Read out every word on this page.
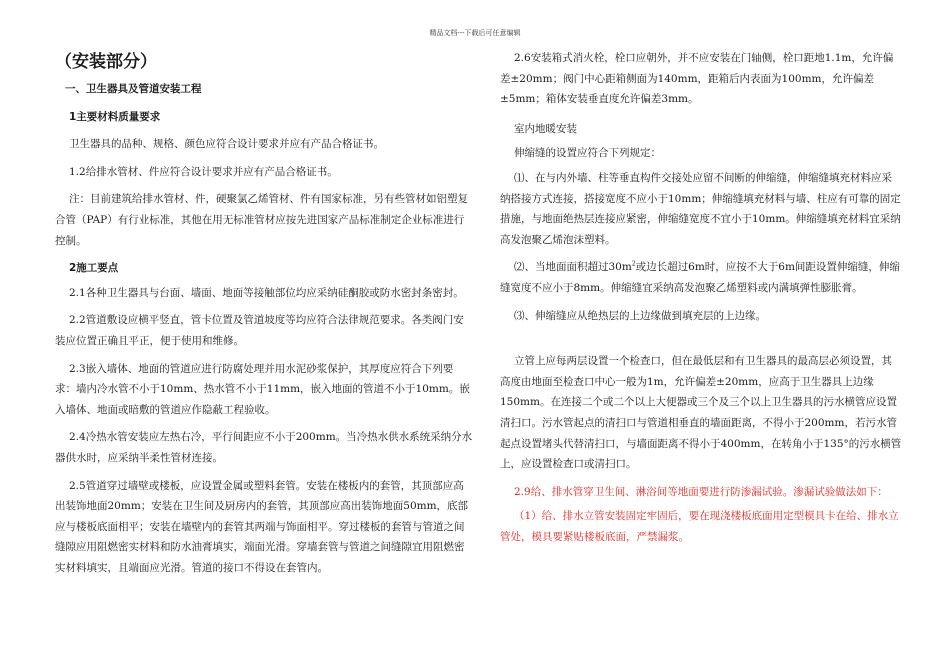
精品文档---下载后可任意编辑

（安装部分）

一、卫生器具及管道安装工程

1主要材料质量要求

卫生器具的品种、规格、颜色应符合设计要求并应有产品合格证书。

1.2给排水管材、件应符合设计要求并应有产品合格证书。

注：目前建筑给排水管材、件，硬聚氯乙烯管材、件有国家标准，另有些管材如铝塑复合管（PAP）有行业标准，其他在用无标准管材应按先进国家产品标准制定企业标准进行控制。

2施工要点

2.1各种卫生器具与台面、墙面、地面等接触部位均应采纳硅酮胶或防水密封条密封。

2.2管道敷设应横平竖直，管卡位置及管道坡度等均应符合法律规范要求。各类阀门安装应位置正确且平正，便于使用和维修。

2.3嵌入墙体、地面的管道应进行防腐处理并用水泥砂浆保护，其厚度应符合下列要求：墙内冷水管不小于10mm、热水管不小于11mm，嵌入地面的管道不小于10mm。嵌入墙体、地面或暗敷的管道应作隐蔽工程验收。

2.4冷热水管安装应左热右冷，平行间距应不小于200mm。当冷热水供水系统采纳分水器供水时，应采纳半柔性管材连接。

2.5管道穿过墙壁或楼板，应设置金属或塑料套管。安装在楼板内的套管，其顶部应高出装饰地面20mm；安装在卫生间及厨房内的套管，其顶部应高出装饰地面50mm，底部应与楼板底面相平；安装在墙壁内的套管其两端与饰面相平。穿过楼板的套管与管道之间缝隙应用阻燃密实材料和防水油膏填实，端面光滑。穿墙套管与管道之间缝隙宜用阻燃密实材料填实，且端面应光滑。管道的接口不得设在套管内。

2.6安装箱式消火栓，栓口应朝外，并不应安装在门轴侧，栓口距地1.1m，允许偏差±20mm；阀门中心距箱侧面为140mm，距箱后内表面为100mm，允许偏差±5mm；箱体安装垂直度允许偏差3mm。

室内地暖安装

伸缩缝的设置应符合下列规定：

⑴、在与内外墙、柱等垂直构件交接处应留不间断的伸缩缝，伸缩缝填充材料应采纳搭接方式连接，搭接宽度不应小于10mm；伸缩缝填充材料与墙、柱应有可靠的固定措施，与地面绝热层连接应紧密，伸缩缝宽度不宜小于10mm。伸缩缝填充材料宜采纳高发泡聚乙烯泡沫塑料。

⑵、当地面面积超过$30m^2$或边长超过6m时，应按不大于6m间距设置伸缩缝，伸缩缝宽度不应小于8mm。伸缩缝宜采纳高发泡聚乙烯塑料或内满填弹性膨胀膏。

⑶、伸缩缝应从绝热层的上边缘做到填充层的上边缘。

立管上应每两层设置一个检查口，但在最低层和有卫生器具的最高层必须设置，其高度由地面至检查口中心一般为1m，允许偏差±20mm，应高于卫生器具上边缘150mm。在连接二个或二个以上大便器或三个及三个以上卫生器具的污水横管应设置清扫口。污水管起点的清扫口与管道相垂直的墙面距离，不得小于200mm，若污水管起点设置堵头代替清扫口，与墙面距离不得小于400mm，在转角小于135°的污水横管上，应设置检查口或清扫口。

2.9给、排水管穿卫生间、淋浴间等地面要进行防渗漏试验。渗漏试验做法如下：

（1）给、排水立管安装固定牢固后，要在现浇楼板底面用定型模具卡在给、排水立管处，模具要紧贴楼板底面，严禁漏浆。
